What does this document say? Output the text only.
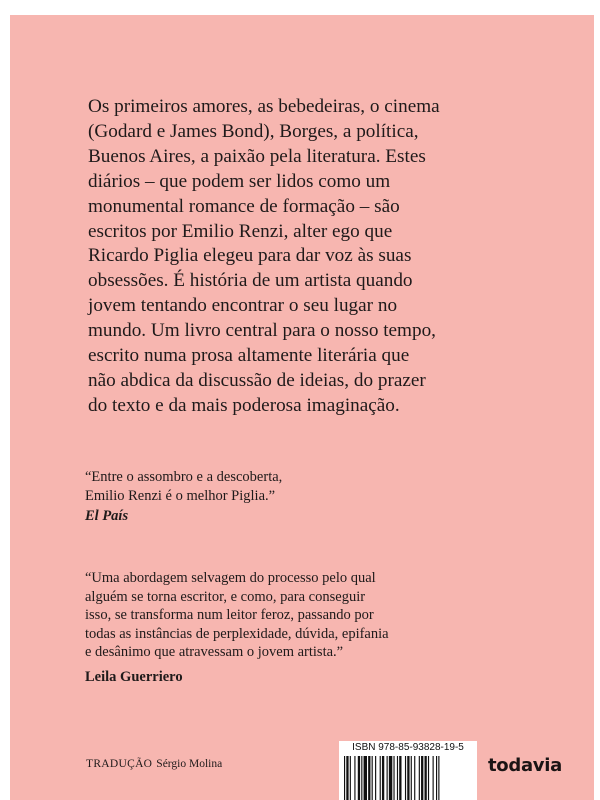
Os primeiros amores, as bebedeiras, o cinema
(Godard e James Bond), Borges, a política,
Buenos Aires, a paixão pela literatura. Estes
diários – que podem ser lidos como um
monumental romance de formação – são
escritos por Emilio Renzi, alter ego que
Ricardo Piglia elegeu para dar voz às suas
obsessões. É história de um artista quando
jovem tentando encontrar o seu lugar no
mundo. Um livro central para o nosso tempo,
escrito numa prosa altamente literária que
não abdica da discussão de ideias, do prazer
do texto e da mais poderosa imaginação.

“Entre o assombro e a descoberta,
Emilio Renzi é o melhor Piglia.”
El País
“Uma abordagem selvagem do processo pelo qual
alguém se torna escritor, e como, para conseguir
isso, se transforma num leitor feroz, passando por
todas as instâncias de perplexidade, dúvida, epifania
e desânimo que atravessam o jovem artista.”
Leila Guerriero
TRADUÇÃO Sérgio Molina
ISBN 978-85-93828-19-5
todavia
